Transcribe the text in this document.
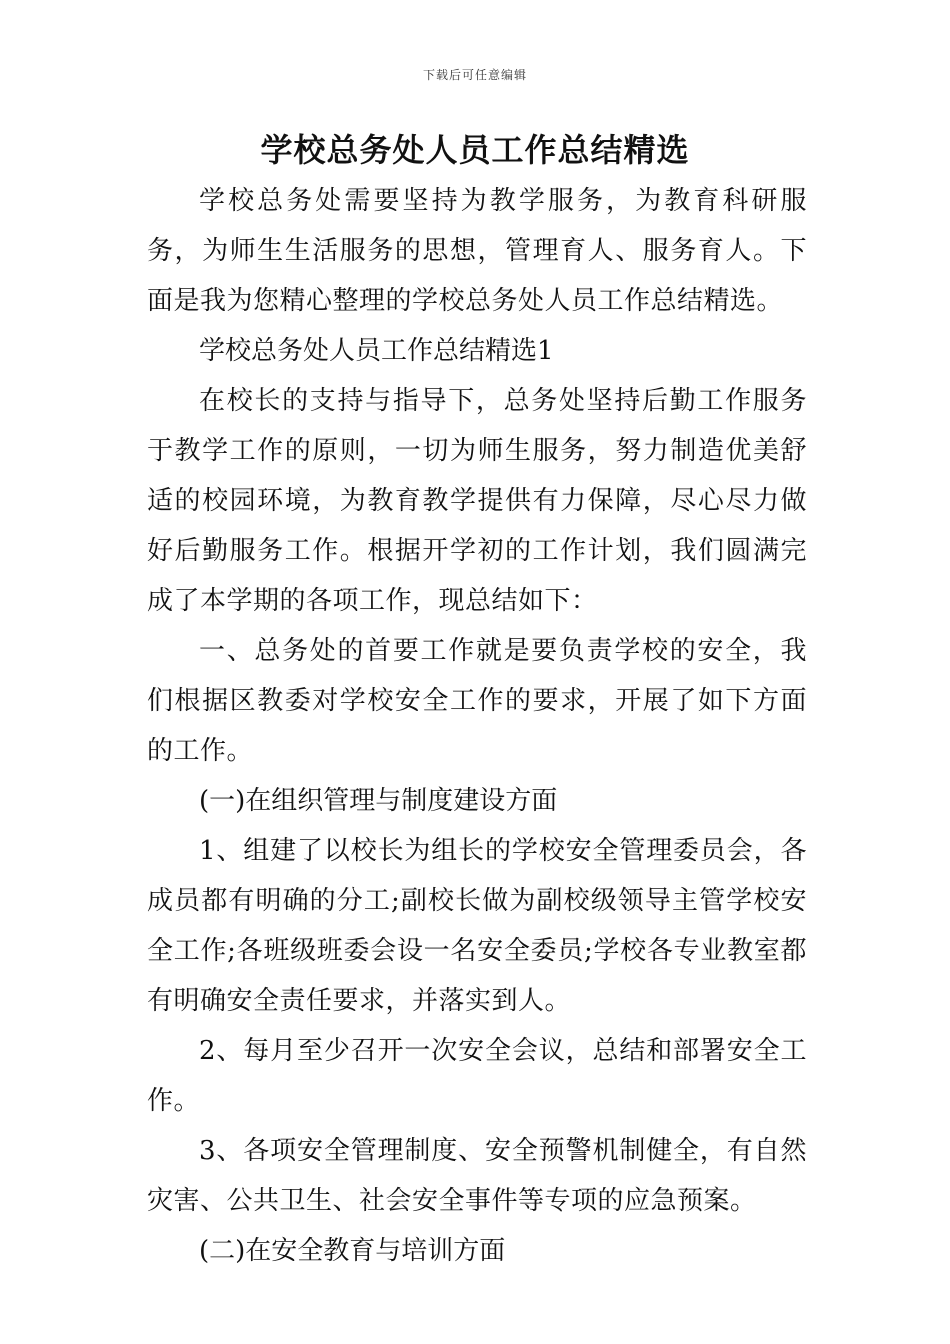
下载后可任意编辑
学校总务处人员工作总结精选

学校总务处需要坚持为教学服务，为教育科研服务，为师生生活服务的思想，管理育人、服务育人。下面是我为您精心整理的学校总务处人员工作总结精选。

学校总务处人员工作总结精选1

在校长的支持与指导下，总务处坚持后勤工作服务于教学工作的原则，一切为师生服务，努力制造优美舒适的校园环境，为教育教学提供有力保障，尽心尽力做好后勤服务工作。根据开学初的工作计划，我们圆满完成了本学期的各项工作，现总结如下：

一、总务处的首要工作就是要负责学校的安全，我们根据区教委对学校安全工作的要求，开展了如下方面的工作。

(一)在组织管理与制度建设方面

1、组建了以校长为组长的学校安全管理委员会，各成员都有明确的分工;副校长做为副校级领导主管学校安全工作;各班级班委会设一名安全委员;学校各专业教室都有明确安全责任要求，并落实到人。

2、每月至少召开一次安全会议，总结和部署安全工作。

3、各项安全管理制度、安全预警机制健全，有自然灾害、公共卫生、社会安全事件等专项的应急预案。

(二)在安全教育与培训方面
